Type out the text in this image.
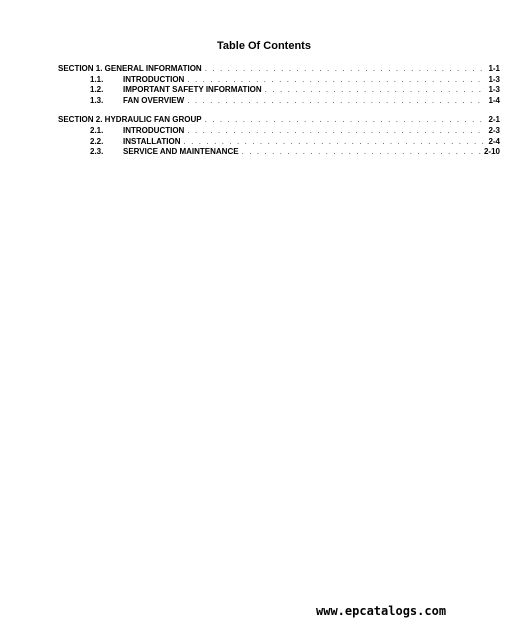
Table Of Contents
SECTION 1. GENERAL INFORMATION . . .	1-1
1.1.	INTRODUCTION . . .	1-3
1.2.	IMPORTANT SAFETY INFORMATION . . .	1-3
1.3.	FAN OVERVIEW . . .	1-4
SECTION 2. HYDRAULIC FAN GROUP . . .	2-1
2.1.	INTRODUCTION . . .	2-3
2.2.	INSTALLATION . . .	2-4
2.3.	SERVICE AND MAINTENANCE . . .	2-10
www.epcatalogs.com
